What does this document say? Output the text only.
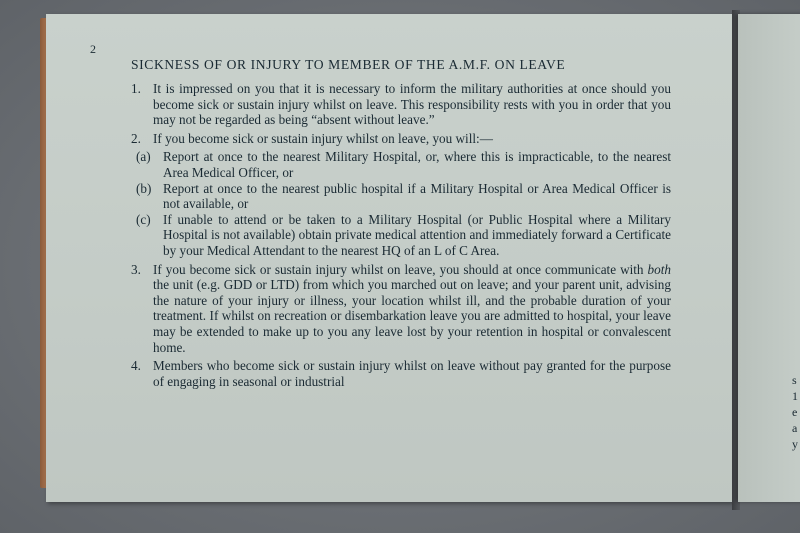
s
1
e
a
y
2
SICKNESS OF OR INJURY TO MEMBER OF THE A.M.F. ON LEAVE
1. It is impressed on you that it is necessary to inform the military authorities at once should you become sick or sustain injury whilst on leave. This responsibility rests with you in order that you may not be regarded as being “absent without leave.”
2. If you become sick or sustain injury whilst on leave, you will:—
(a) Report at once to the nearest Military Hospital, or, where this is impracticable, to the nearest Area Medical Officer, or
(b) Report at once to the nearest public hospital if a Military Hospital or Area Medical Officer is not available, or
(c) If unable to attend or be taken to a Military Hospital (or Public Hospital where a Military Hospital is not available) obtain private medical attention and immediately forward a Certificate by your Medical Attendant to the nearest HQ of an L of C Area.
3. If you become sick or sustain injury whilst on leave, you should at once communicate with both the unit (e.g. GDD or LTD) from which you marched out on leave; and your parent unit, advising the nature of your injury or illness, your location whilst ill, and the probable duration of your treatment. If whilst on recreation or disembarkation leave you are admitted to hospital, your leave may be extended to make up to you any leave lost by your retention in hospital or convalescent home.
4. Members who become sick or sustain injury whilst on leave without pay granted for the purpose of engaging in seasonal or industrial
